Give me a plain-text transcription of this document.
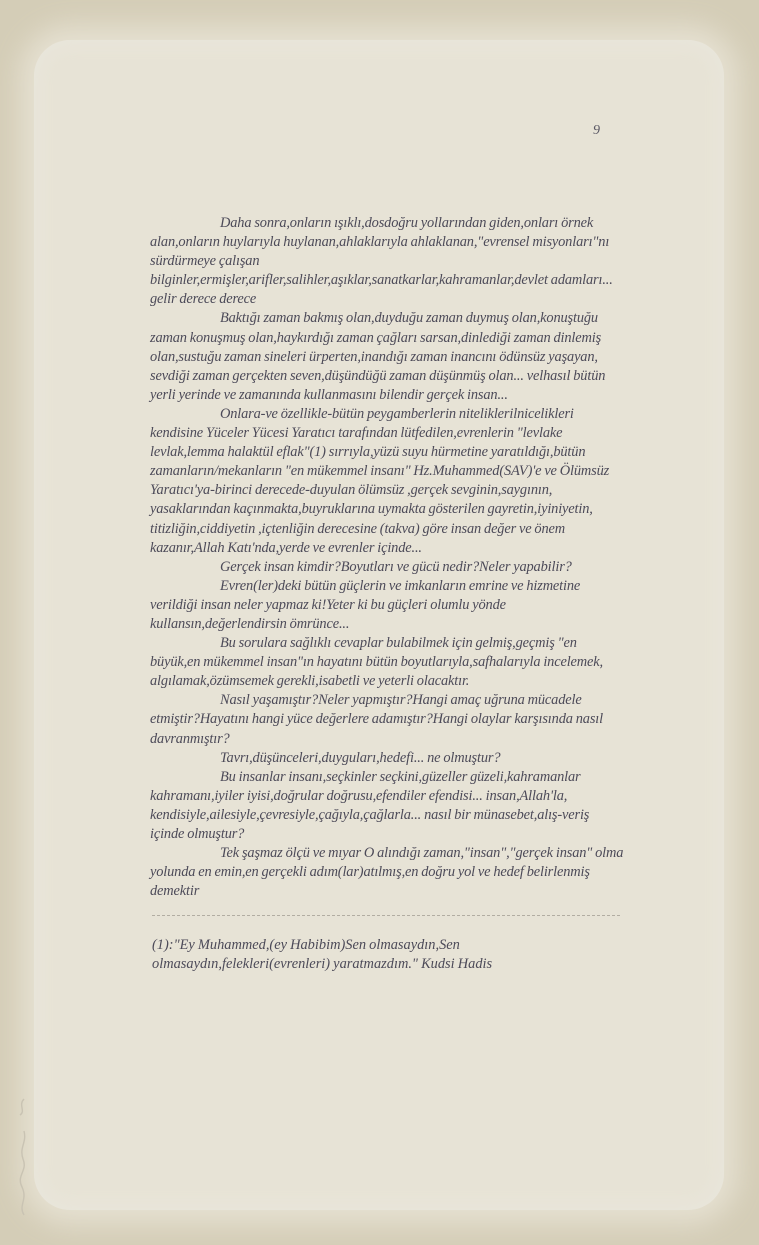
9

Daha sonra,onların ışıklı,dosdoğru yollarından giden,onları örnek alan,onların huylarıyla huylanan,ahlaklarıyla ahlaklanan,"evrensel misyonları"nı sürdürmeye çalışan bilginler,ermişler,arifler,salihler,aşıklar,sanatkarlar,kahramanlar,devlet adamları... gelir derece derece

Baktığı zaman bakmış olan,duyduğu zaman duymuş olan,konuştuğu zaman konuşmuş olan,haykırdığı zaman çağları sarsan,dinlediği zaman dinlemiş olan,sustuğu zaman sineleri ürperten,inandığı zaman inancını ödünsüz yaşayan, sevdiği zaman gerçekten seven,düşündüğü zaman düşünmüş olan... velhasıl bütün yerli yerinde ve zamanında kullanmasını bilendir gerçek insan...

Onlara-ve özellikle-bütün peygamberlerin niteliklerilnicelikleri kendisine Yüceler Yücesi Yaratıcı tarafından lütfedilen,evrenlerin "levlake levlak,lemma halaktül eflak"(1) sırrıyla,yüzü suyu hürmetine yaratıldığı,bütün zamanların/mekanların "en mükemmel insanı" Hz.Muhammed(SAV)'e ve Ölümsüz Yaratıcı'ya-birinci derecede-duyulan ölümsüz ,gerçek sevginin,saygının, yasaklarından kaçınmakta,buyruklarına uymakta gösterilen gayretin,iyiniyetin, titizliğin,ciddiyetin ,içtenliğin derecesine (takva) göre insan değer ve önem kazanır,Allah Katı'nda,yerde ve evrenler içinde...

Gerçek insan kimdir?Boyutları ve gücü nedir?Neler yapabilir?

Evren(ler)deki bütün güçlerin ve imkanların emrine ve hizmetine verildiği insan neler yapmaz ki!Yeter ki bu güçleri olumlu yönde kullansın,değerlendirsin ömrünce...

Bu sorulara sağlıklı cevaplar bulabilmek için gelmiş,geçmiş "en büyük,en mükemmel insan"ın hayatını bütün boyutlarıyla,safhalarıyla incelemek, algılamak,özümsemek gerekli,isabetli ve yeterli olacaktır.

Nasıl yaşamıştır?Neler yapmıştır?Hangi amaç uğruna mücadele etmiştir?Hayatını hangi yüce değerlere adamıştır?Hangi olaylar karşısında nasıl davranmıştır?

Tavrı,düşünceleri,duyguları,hedefi... ne olmuştur?

Bu insanlar insanı,seçkinler seçkini,güzeller güzeli,kahramanlar kahramanı,iyiler iyisi,doğrular doğrusu,efendiler efendisi... insan,Allah'la, kendisiyle,ailesiyle,çevresiyle,çağıyla,çağlarla... nasıl bir münasebet,alış-veriş içinde olmuştur?

Tek şaşmaz ölçü ve mıyar O alındığı zaman,"insan","gerçek insan" olma yolunda en emin,en gerçekli adım(lar)atılmış,en doğru yol ve hedef belirlenmiş demektir

(1):"Ey Muhammed,(ey Habibim)Sen olmasaydın,Sen olmasaydın,felekleri(evrenleri) yaratmazdım." Kudsi Hadis
